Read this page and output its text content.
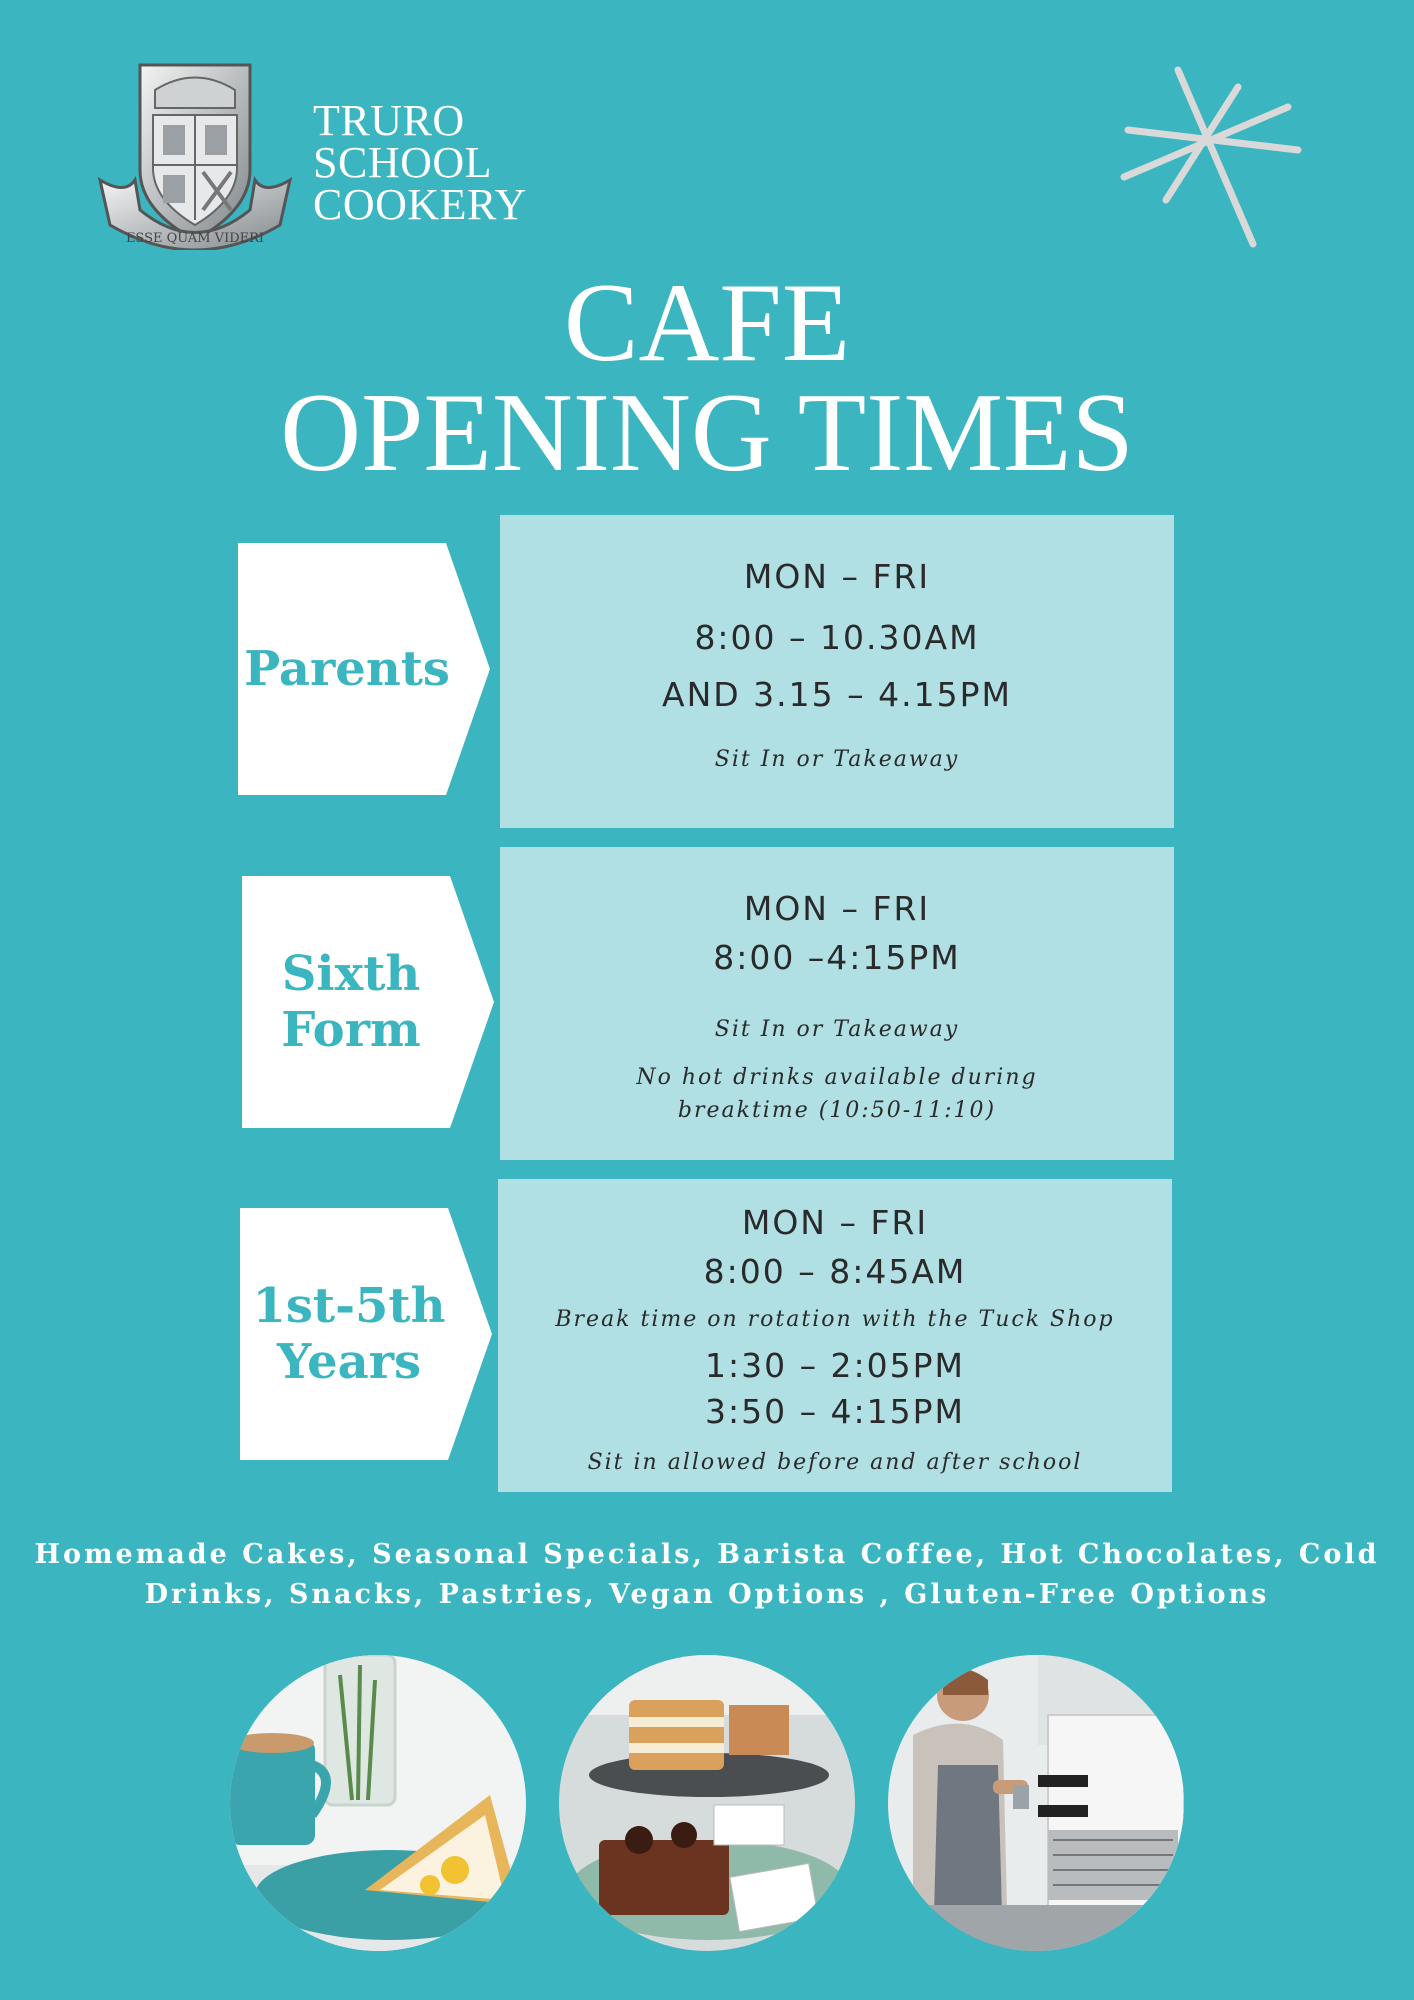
ESSE QUAM VIDERI
TRURO
SCHOOL
COOKERY
CAFE
OPENING TIMES
Parents
MON – FRI
8:00 – 10.30AM
AND 3.15 – 4.15PM
Sit In or Takeaway
Sixth
Form
MON – FRI
8:00 –4:15PM
Sit In or Takeaway
No hot drinks available during
breaktime (10:50-11:10)
1st-5th
Years
MON – FRI
8:00 – 8:45AM
Break time on rotation with the Tuck Shop
1:30 – 2:05PM
3:50 – 4:15PM
Sit in allowed before and after school
Homemade Cakes, Seasonal Specials, Barista Coffee, Hot Chocolates, Cold
Drinks, Snacks, Pastries, Vegan Options , Gluten-Free Options
